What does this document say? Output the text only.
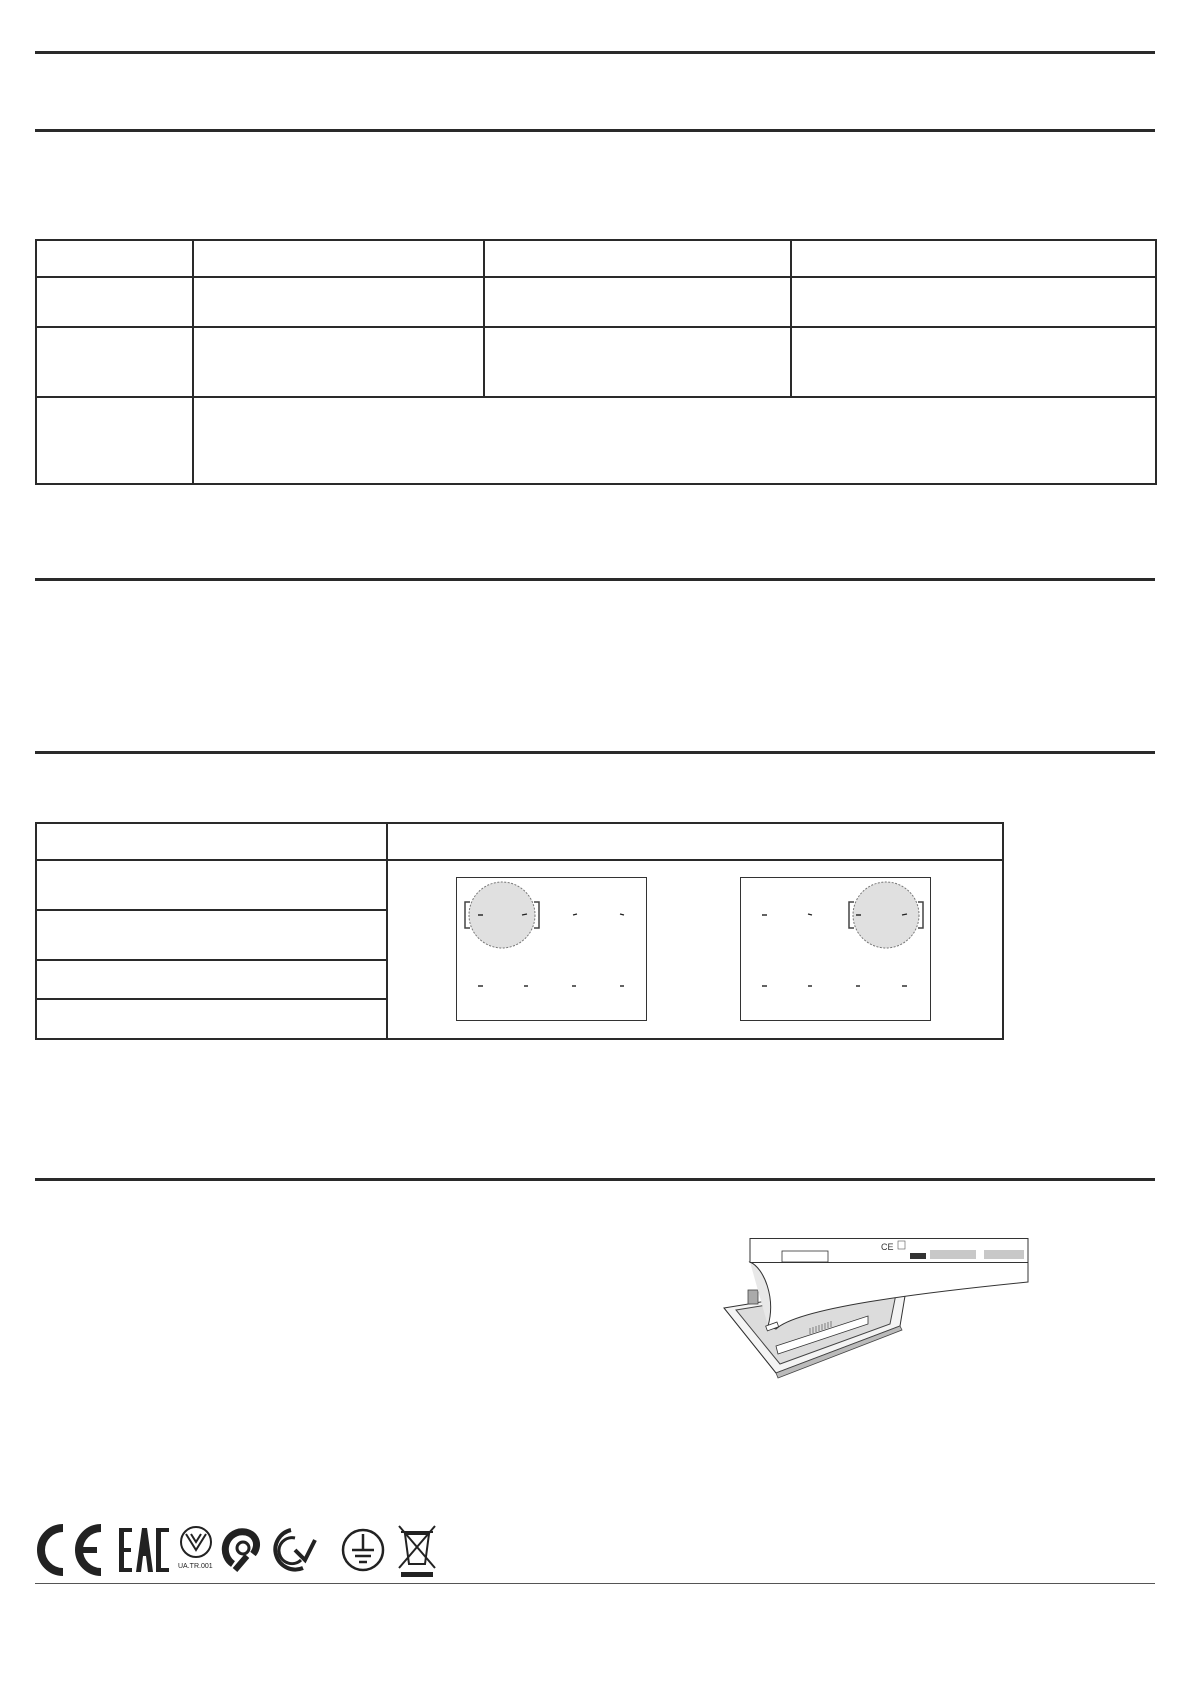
CE
UA.TR.001
